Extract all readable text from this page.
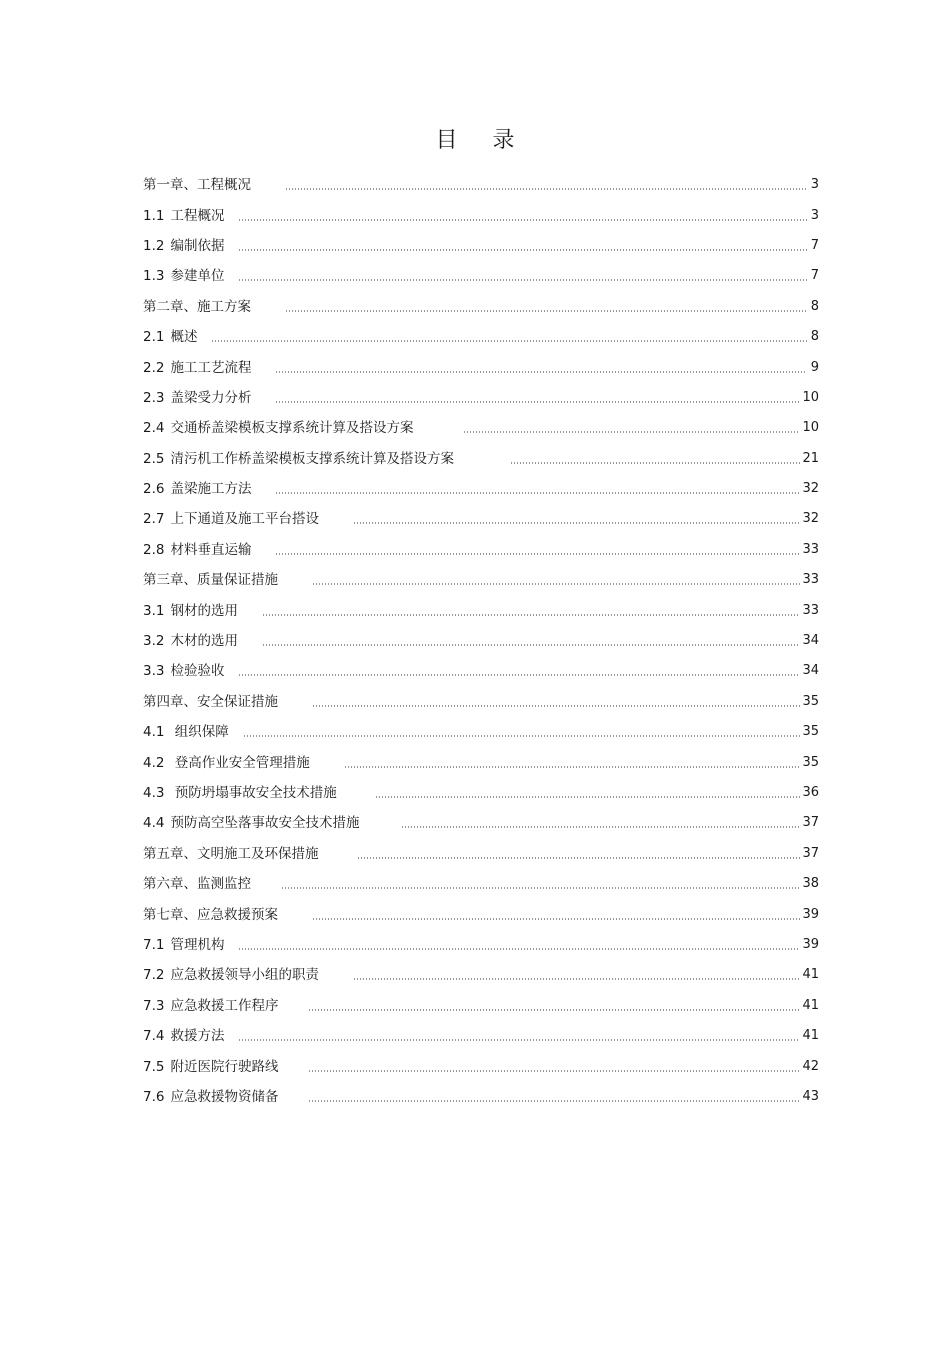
目 录
第一章、工程概况	3
1.1 工程概况	3
1.2 编制依据	7
1.3 参建单位	7
第二章、施工方案	8
2.1 概述	8
2.2 施工工艺流程	9
2.3 盖梁受力分析	10
2.4 交通桥盖梁模板支撑系统计算及搭设方案	10
2.5 清污机工作桥盖梁模板支撑系统计算及搭设方案	21
2.6 盖梁施工方法	32
2.7 上下通道及施工平台搭设	32
2.8 材料垂直运输	33
第三章、质量保证措施	33
3.1 钢材的选用	33
3.2 木材的选用	34
3.3 检验验收	34
第四章、安全保证措施	35
4.1 组织保障	35
4.2 登高作业安全管理措施	35
4.3 预防坍塌事故安全技术措施	36
4.4 预防高空坠落事故安全技术措施	37
第五章、文明施工及环保措施	37
第六章、监测监控	38
第七章、应急救援预案	39
7.1 管理机构	39
7.2 应急救援领导小组的职责	41
7.3 应急救援工作程序	41
7.4 救援方法	41
7.5 附近医院行驶路线	42
7.6 应急救援物资储备	43
